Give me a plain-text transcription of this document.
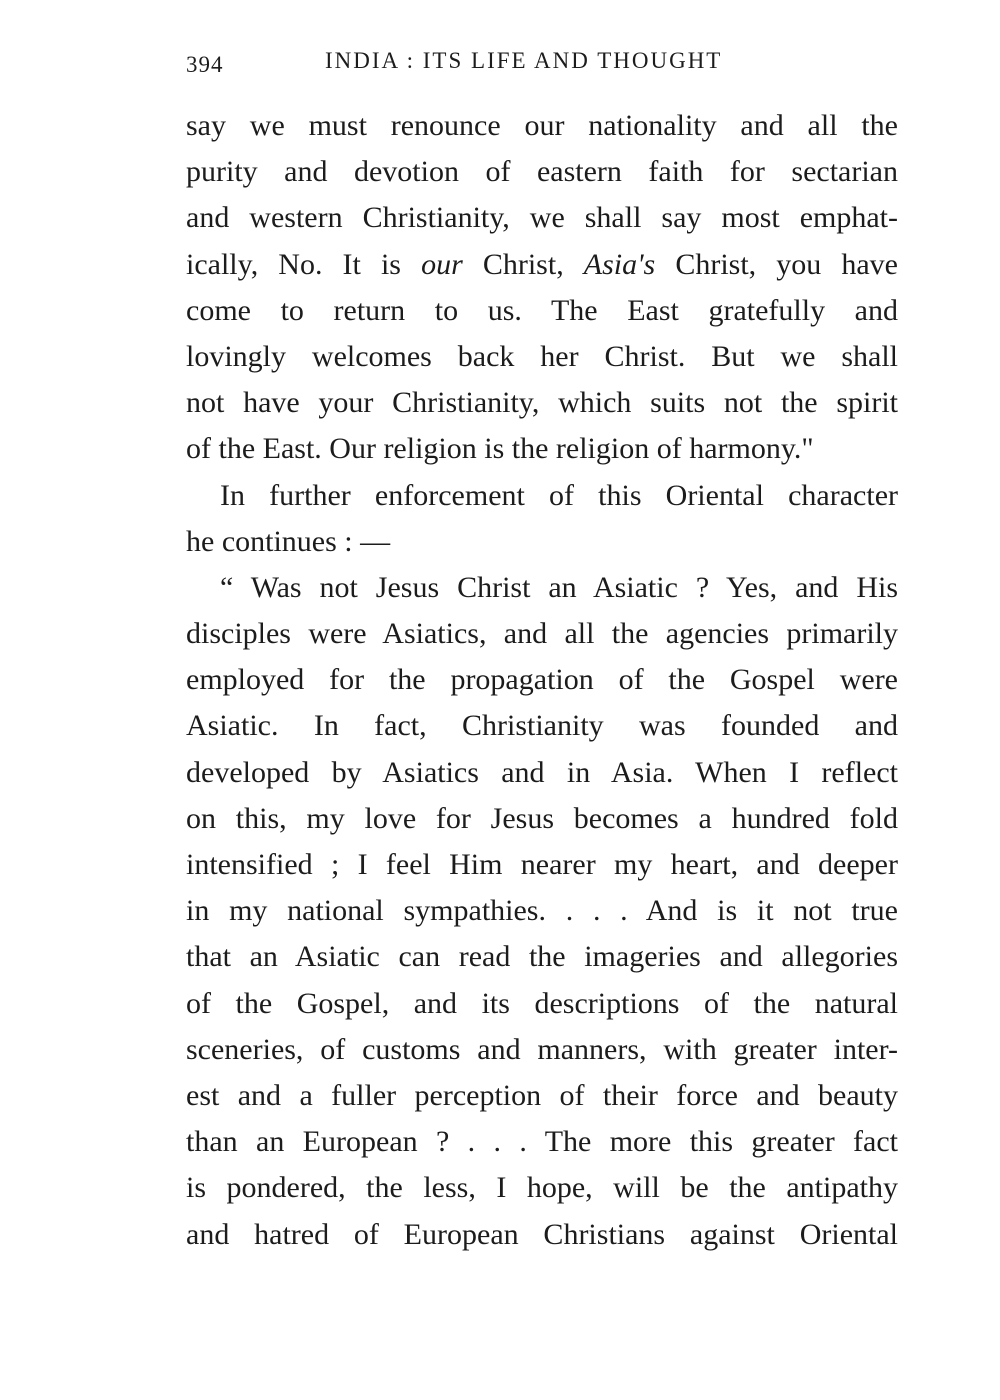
394	INDIA : ITS LIFE AND THOUGHT
say we must renounce our nationality and all the
purity and devotion of eastern faith for sectarian
and western Christianity, we shall say most emphat-
ically, No. It is our Christ, Asia's Christ, you have
come to return to us. The East gratefully and
lovingly welcomes back her Christ. But we shall
not have your Christianity, which suits not the spirit
of the East. Our religion is the religion of harmony."
In further enforcement of this Oriental character
he continues : —
“ Was not Jesus Christ an Asiatic ? Yes, and His
disciples were Asiatics, and all the agencies primarily
employed for the propagation of the Gospel were
Asiatic. In fact, Christianity was founded and
developed by Asiatics and in Asia. When I reflect
on this, my love for Jesus becomes a hundred fold
intensified ; I feel Him nearer my heart, and deeper
in my national sympathies. . . . And is it not true
that an Asiatic can read the imageries and allegories
of the Gospel, and its descriptions of the natural
sceneries, of customs and manners, with greater inter-
est and a fuller perception of their force and beauty
than an European ? . . . The more this greater fact
is pondered, the less, I hope, will be the antipathy
and hatred of European Christians against Oriental
